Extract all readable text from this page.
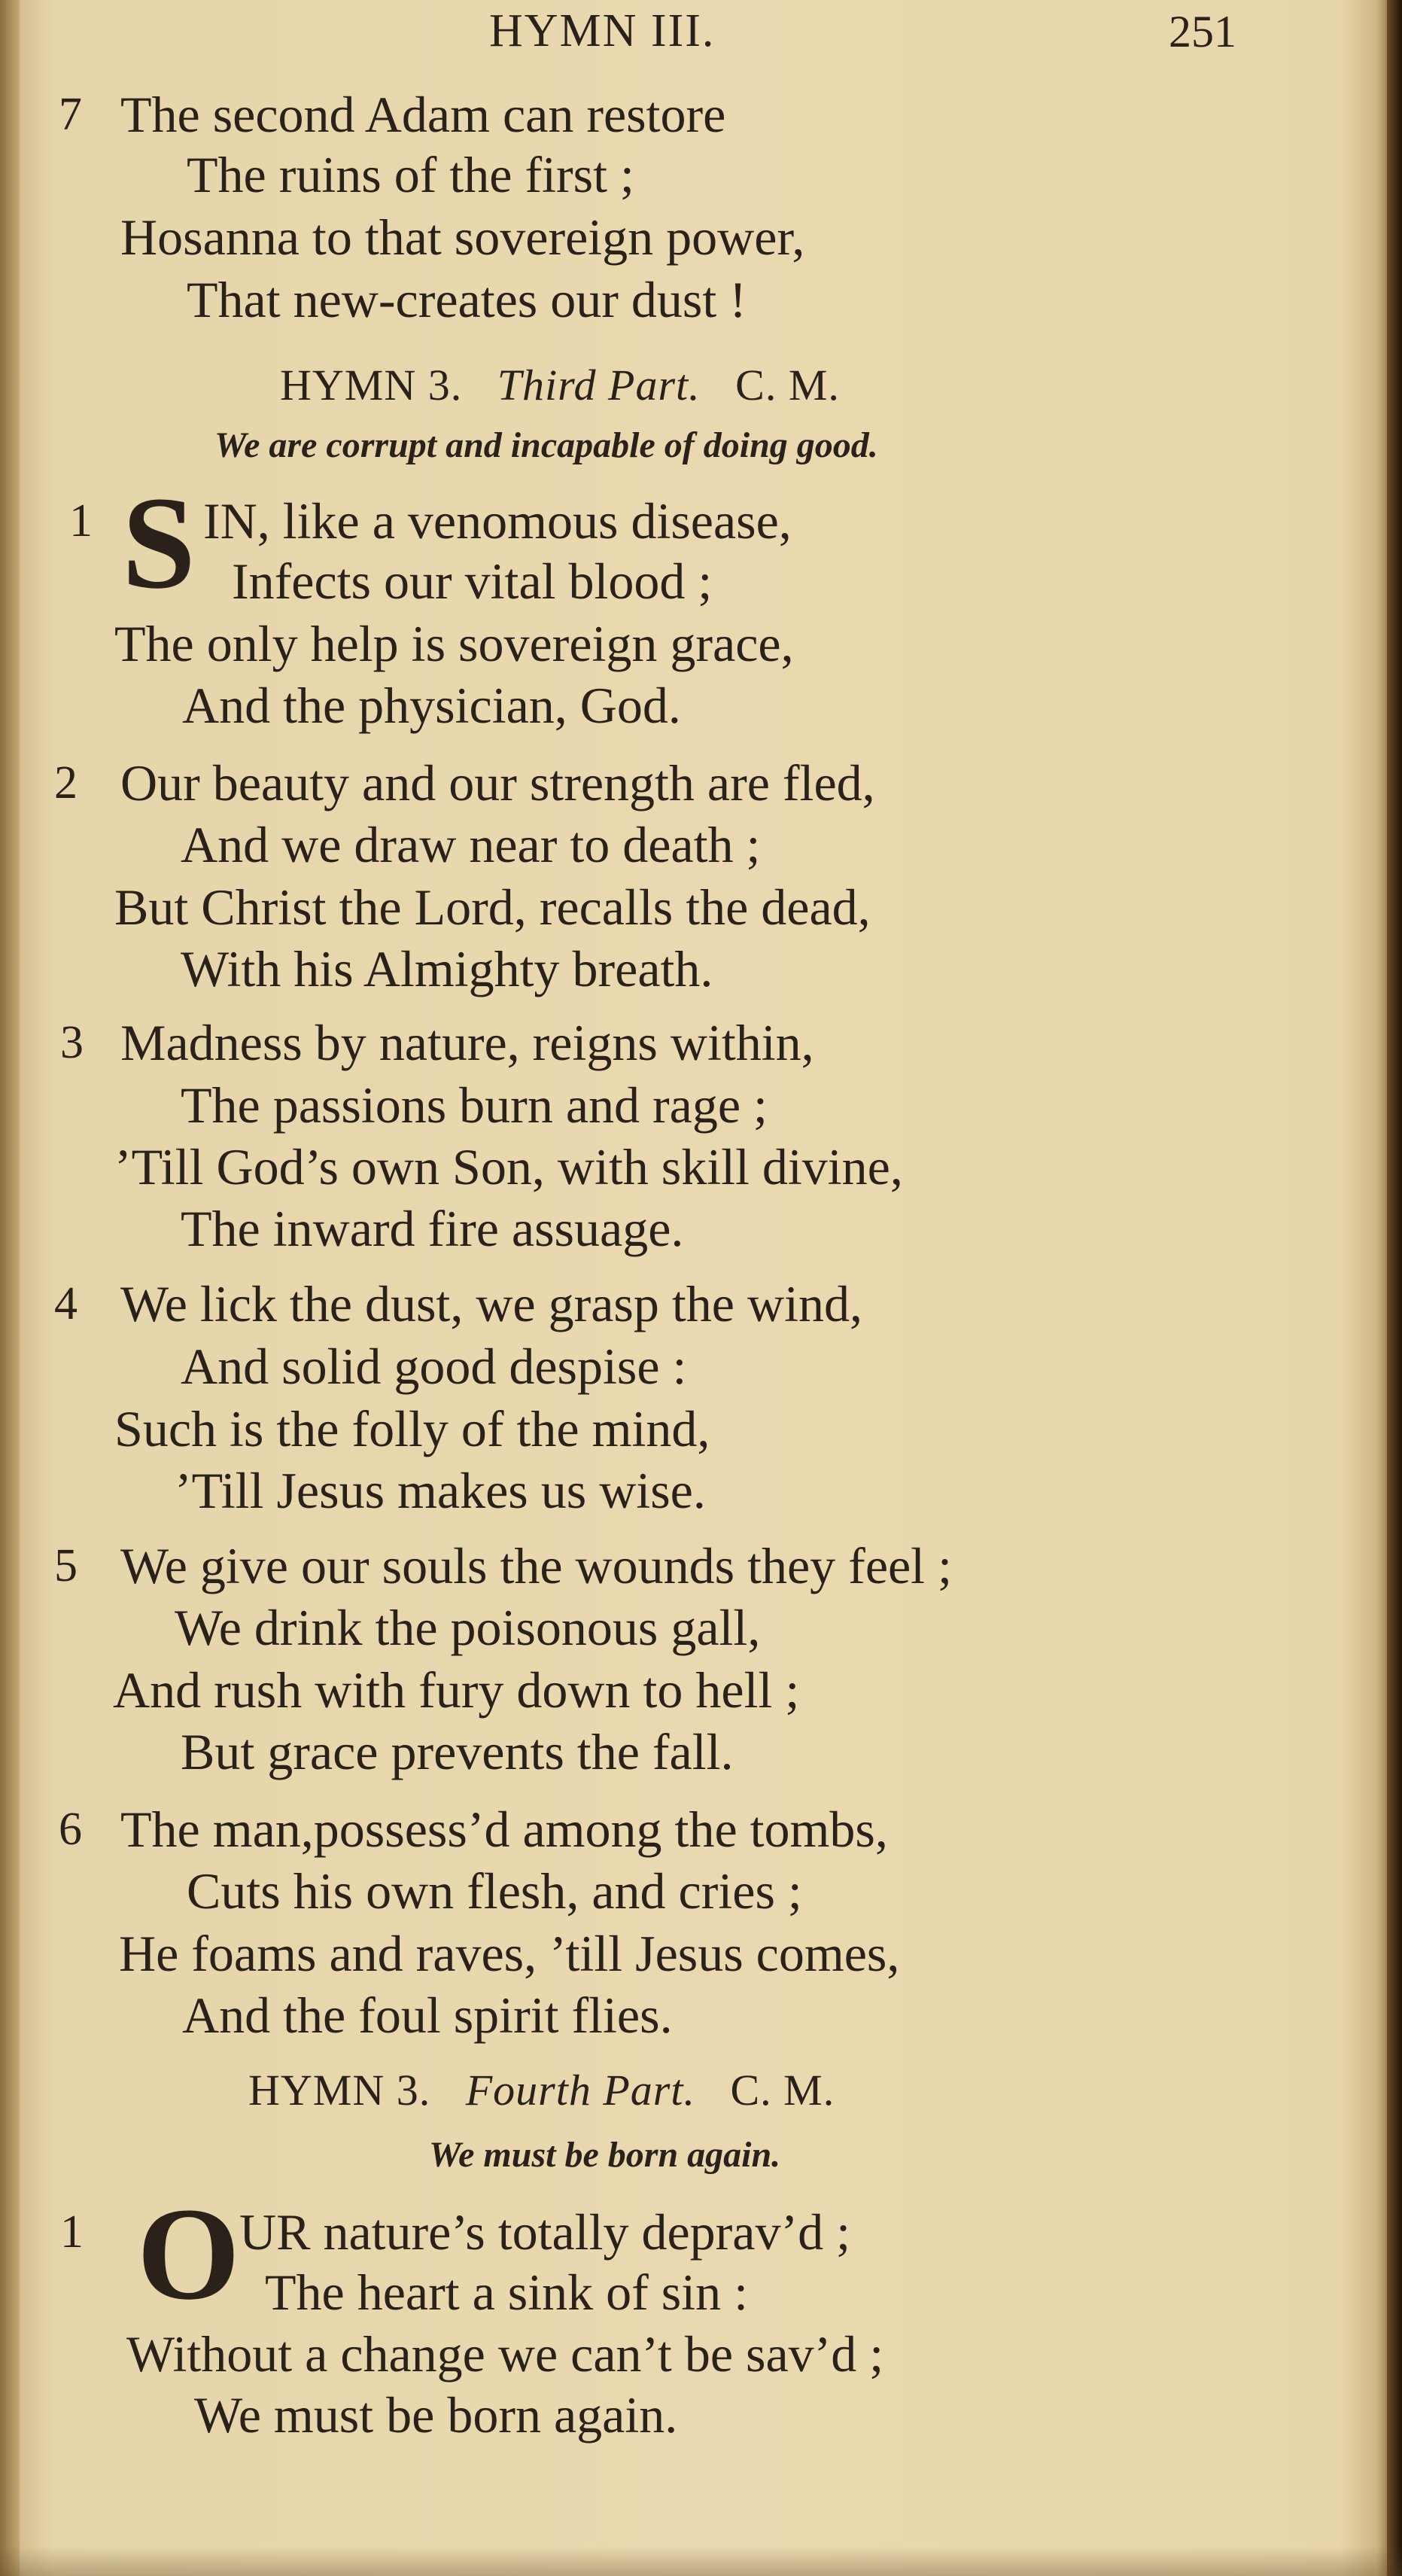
HYMN III.	251
7 The second Adam can restore
The ruins of the first ;
Hosanna to that sovereign power,
That new-creates our dust !
HYMN 3. Third Part. C. M.
We are corrupt and incapable of doing good.
1 S IN, like a venomous disease,
Infects our vital blood ;
The only help is sovereign grace,
And the physician, God.
2 Our beauty and our strength are fled,
And we draw near to death ;
But Christ the Lord, recalls the dead,
With his Almighty breath.
3 Madness by nature, reigns within,
The passions burn and rage ;
’Till God’s own Son, with skill divine,
The inward fire assuage.
4 We lick the dust, we grasp the wind,
And solid good despise :
Such is the folly of the mind,
’Till Jesus makes us wise.
5 We give our souls the wounds they feel ;
We drink the poisonous gall,
And rush with fury down to hell ;
But grace prevents the fall.
6 The man,possess’d among the tombs,
Cuts his own flesh, and cries ;
He foams and raves, ’till Jesus comes,
And the foul spirit flies.
HYMN 3. Fourth Part. C. M.
We must be born again.
1 O UR nature’s totally deprav’d ;
The heart a sink of sin :
Without a change we can’t be sav’d ;
We must be born again.
